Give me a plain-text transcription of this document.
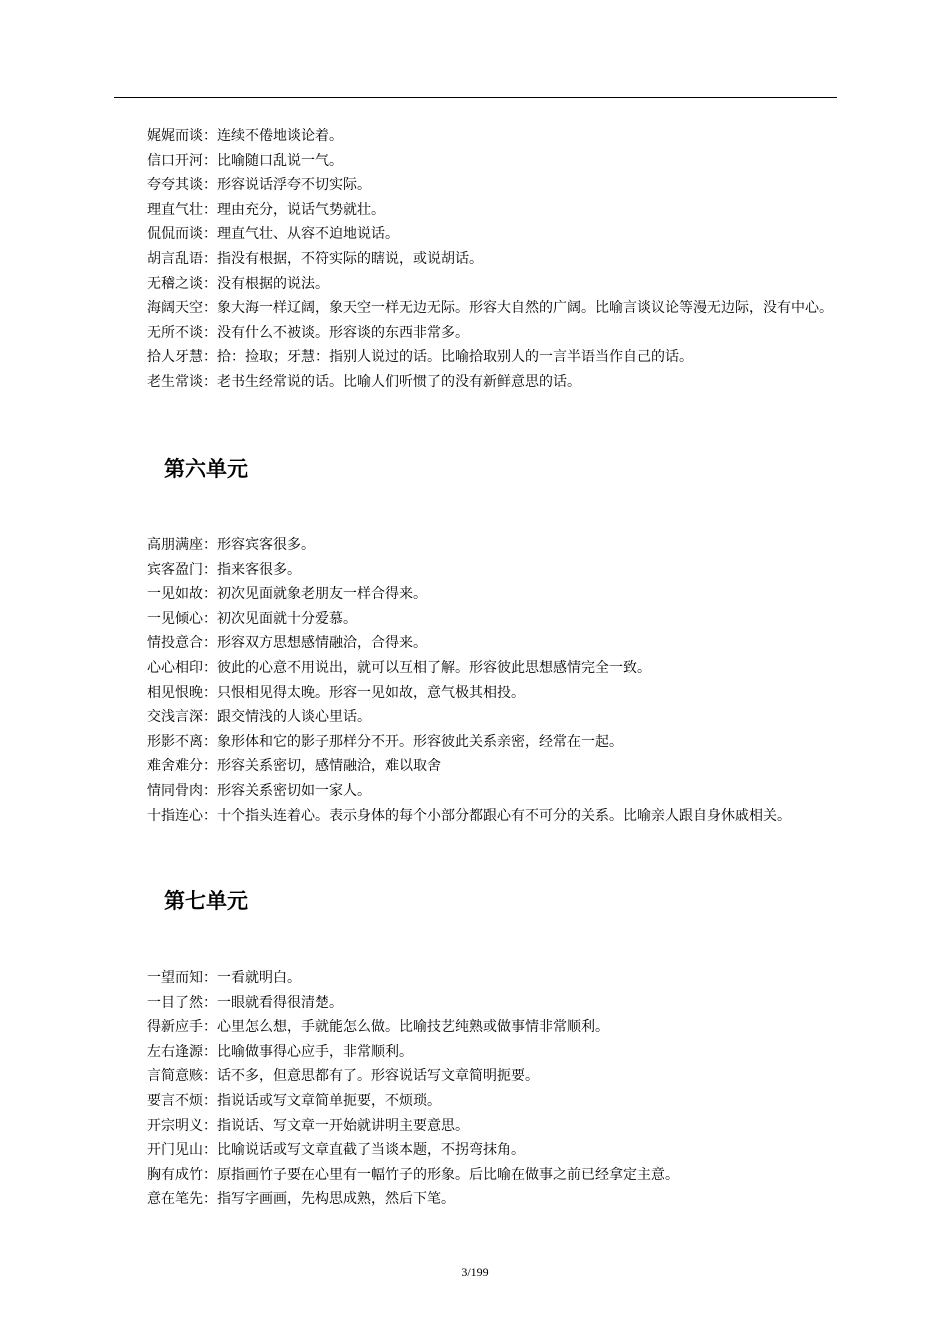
娓娓而谈：连续不倦地谈论着。

信口开河：比喻随口乱说一气。

夸夸其谈：形容说话浮夸不切实际。

理直气壮：理由充分，说话气势就壮。

侃侃而谈：理直气壮、从容不迫地说话。

胡言乱语：指没有根据，不符实际的瞎说，或说胡话。

无稽之谈：没有根据的说法。

海阔天空：象大海一样辽阔，象天空一样无边无际。形容大自然的广阔。比喻言谈议论等漫无边际，没有中心。

无所不谈：没有什么不被谈。形容谈的东西非常多。

拾人牙慧：拾：捡取；牙慧：指别人说过的话。比喻拾取别人的一言半语当作自己的话。

老生常谈：老书生经常说的话。比喻人们听惯了的没有新鲜意思的话。

第六单元

高朋满座：形容宾客很多。

宾客盈门：指来客很多。

一见如故：初次见面就象老朋友一样合得来。

一见倾心：初次见面就十分爱慕。

情投意合：形容双方思想感情融洽，合得来。

心心相印：彼此的心意不用说出，就可以互相了解。形容彼此思想感情完全一致。

相见恨晚：只恨相见得太晚。形容一见如故，意气极其相投。

交浅言深：跟交情浅的人谈心里话。

形影不离：象形体和它的影子那样分不开。形容彼此关系亲密，经常在一起。

难舍难分：形容关系密切，感情融洽，难以取舍

情同骨肉：形容关系密切如一家人。

十指连心：十个指头连着心。表示身体的每个小部分都跟心有不可分的关系。比喻亲人跟自身休戚相关。

第七单元

一望而知：一看就明白。

一目了然：一眼就看得很清楚。

得新应手：心里怎么想，手就能怎么做。比喻技艺纯熟或做事情非常顺利。

左右逢源：比喻做事得心应手，非常顺利。

言简意赅：话不多，但意思都有了。形容说话写文章简明扼要。

要言不烦：指说话或写文章简单扼要，不烦琐。

开宗明义：指说话、写文章一开始就讲明主要意思。

开门见山：比喻说话或写文章直截了当谈本题，不拐弯抹角。

胸有成竹：原指画竹子要在心里有一幅竹子的形象。后比喻在做事之前已经拿定主意。

意在笔先：指写字画画，先构思成熟，然后下笔。

3/199
